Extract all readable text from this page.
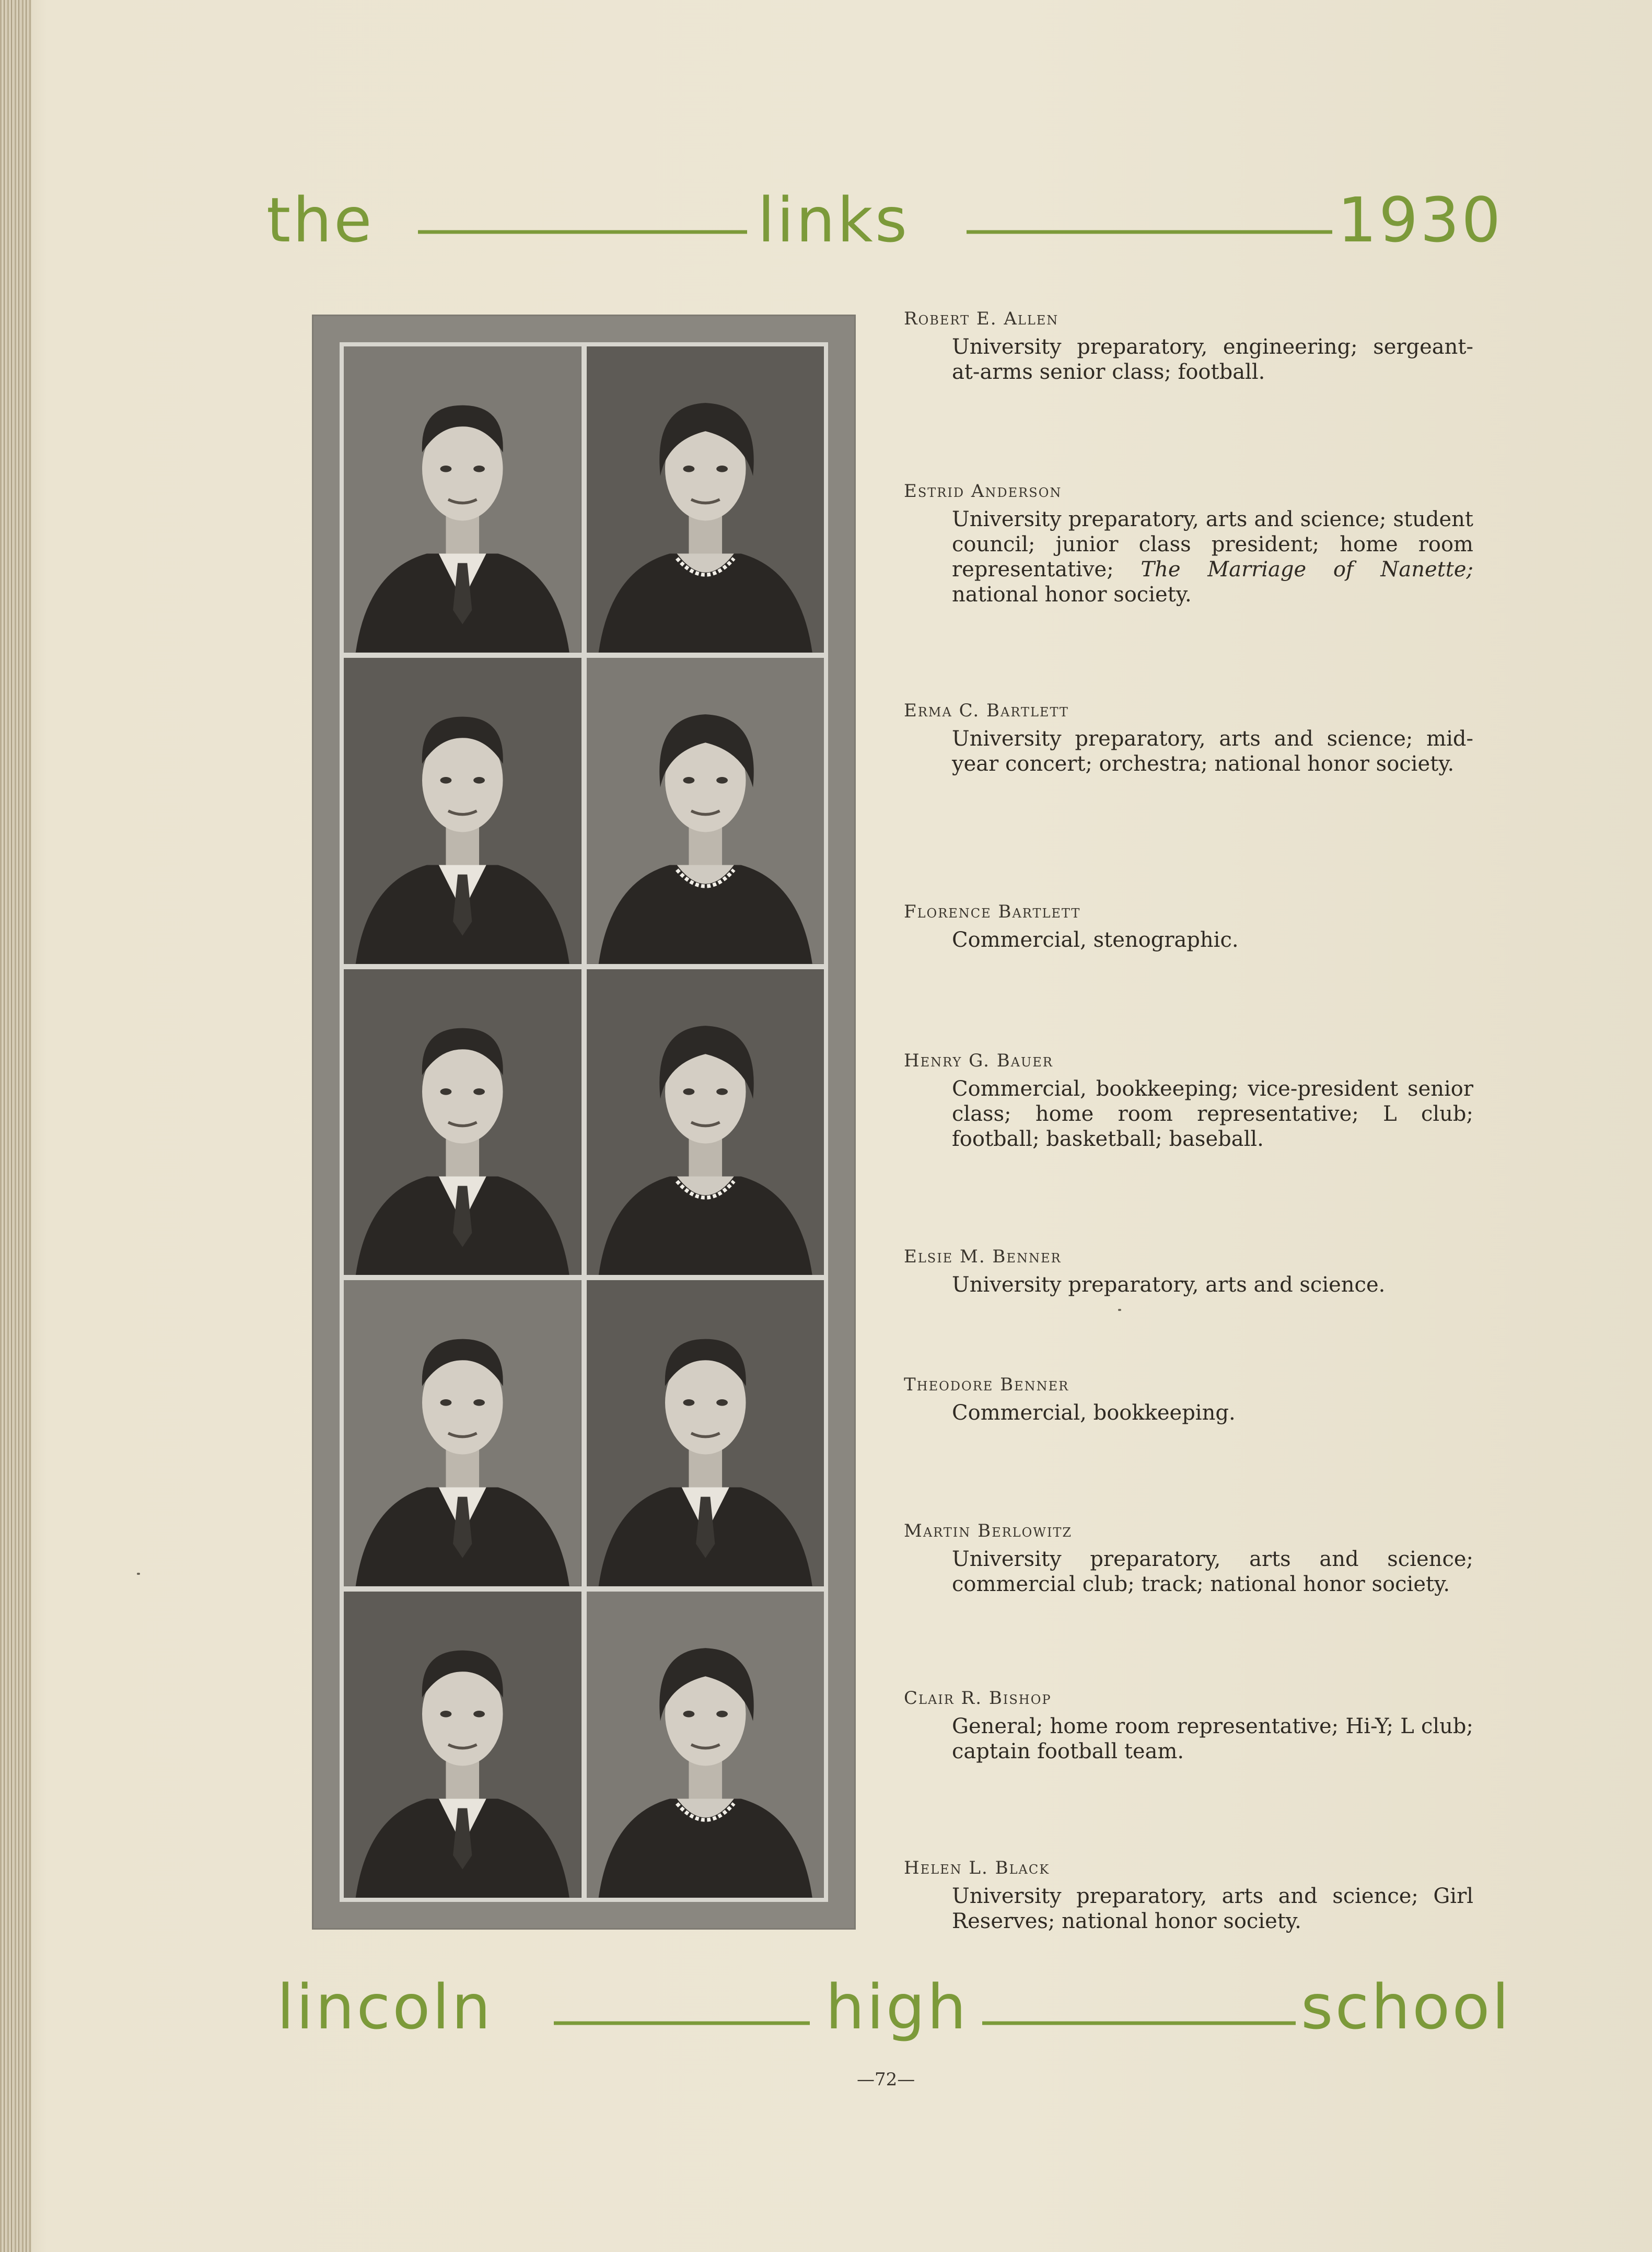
the	links	1930
Robert E. Allen
University preparatory, engineering; sergeant-at-arms senior class; football.
Estrid Anderson
University preparatory, arts and science; student council; junior class president; home room representative; The Marriage of Nanette; national honor society.
Erma C. Bartlett
University preparatory, arts and science; mid-year concert; orchestra; national honor society.
Florence Bartlett
Commercial, stenographic.
Henry G. Bauer
Commercial, bookkeeping; vice-president senior class; home room representative; L club; football; basketball; baseball.
Elsie M. Benner
University preparatory, arts and science.
Theodore Benner
Commercial, bookkeeping.
Martin Berlowitz
University preparatory, arts and science; commercial club; track; national honor society.
Clair R. Bishop
General; home room representative; Hi-Y; L club; captain football team.
Helen L. Black
University preparatory, arts and science; Girl Reserves; national honor society.
lincoln	high	school
—72—
